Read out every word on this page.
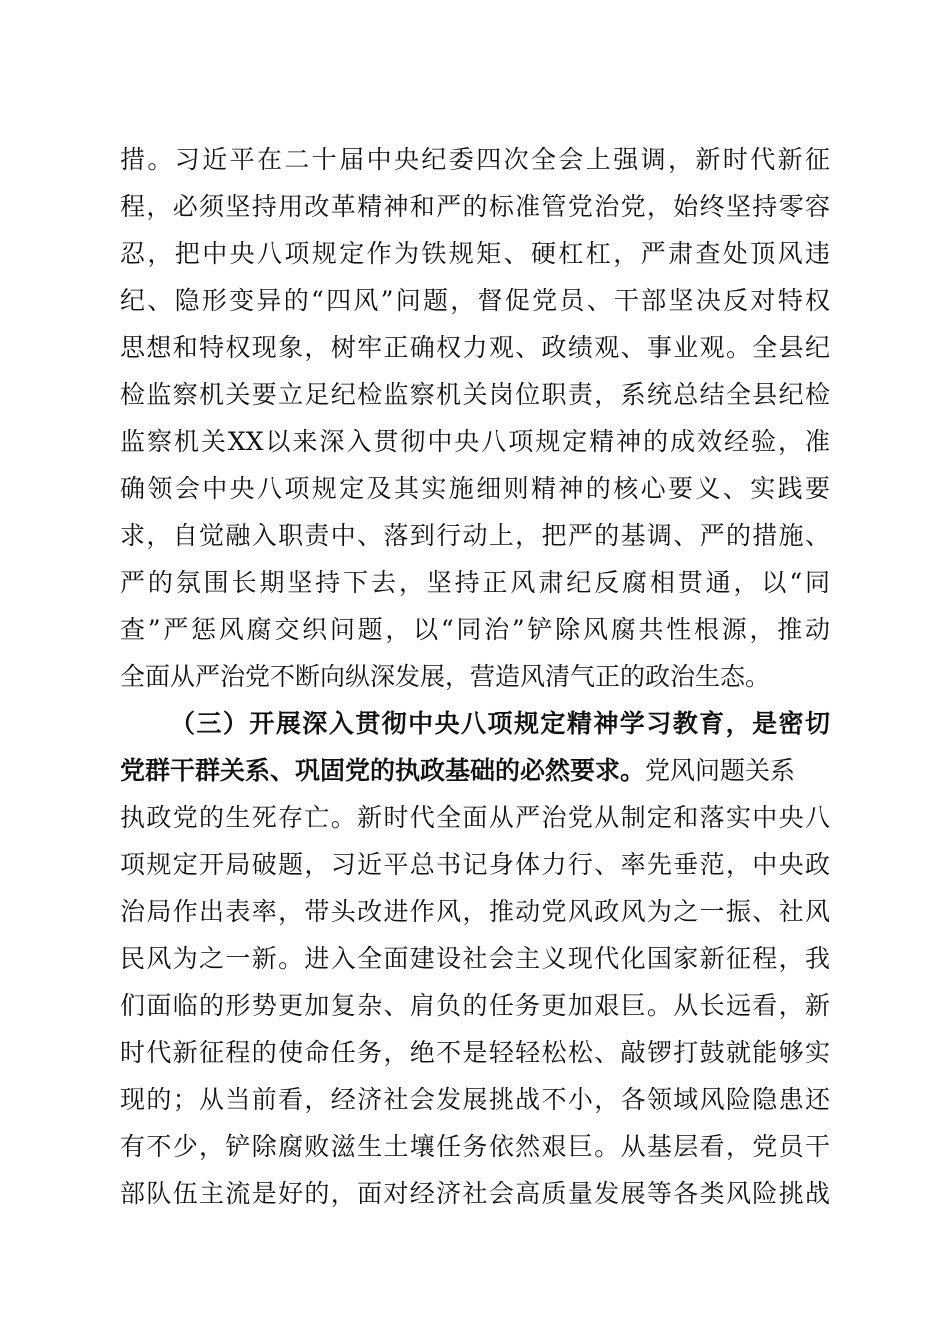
措。习近平在二十届中央纪委四次全会上强调，新时代新征

程，必须坚持用改革精神和严的标准管党治党，始终坚持零容

忍，把中央八项规定作为铁规矩、硬杠杠，严肃查处顶风违

纪、隐形变异的“四风”问题，督促党员、干部坚决反对特权

思想和特权现象，树牢正确权力观、政绩观、事业观。全县纪

检监察机关要立足纪检监察机关岗位职责，系统总结全县纪检

监察机关XX以来深入贯彻中央八项规定精神的成效经验，准

确领会中央八项规定及其实施细则精神的核心要义、实践要

求，自觉融入职责中、落到行动上，把严的基调、严的措施、

严的氛围长期坚持下去，坚持正风肃纪反腐相贯通，以“同

查”严惩风腐交织问题，以“同治”铲除风腐共性根源，推动

全面从严治党不断向纵深发展，营造风清气正的政治生态。

（三）开展深入贯彻中央八项规定精神学习教育，是密切

党群干群关系、巩固党的执政基础的必然要求。党风问题关系

执政党的生死存亡。新时代全面从严治党从制定和落实中央八

项规定开局破题，习近平总书记身体力行、率先垂范，中央政

治局作出表率，带头改进作风，推动党风政风为之一振、社风

民风为之一新。进入全面建设社会主义现代化国家新征程，我

们面临的形势更加复杂、肩负的任务更加艰巨。从长远看，新

时代新征程的使命任务，绝不是轻轻松松、敲锣打鼓就能够实

现的；从当前看，经济社会发展挑战不小，各领域风险隐患还

有不少，铲除腐败滋生土壤任务依然艰巨。从基层看，党员干

部队伍主流是好的，面对经济社会高质量发展等各类风险挑战
